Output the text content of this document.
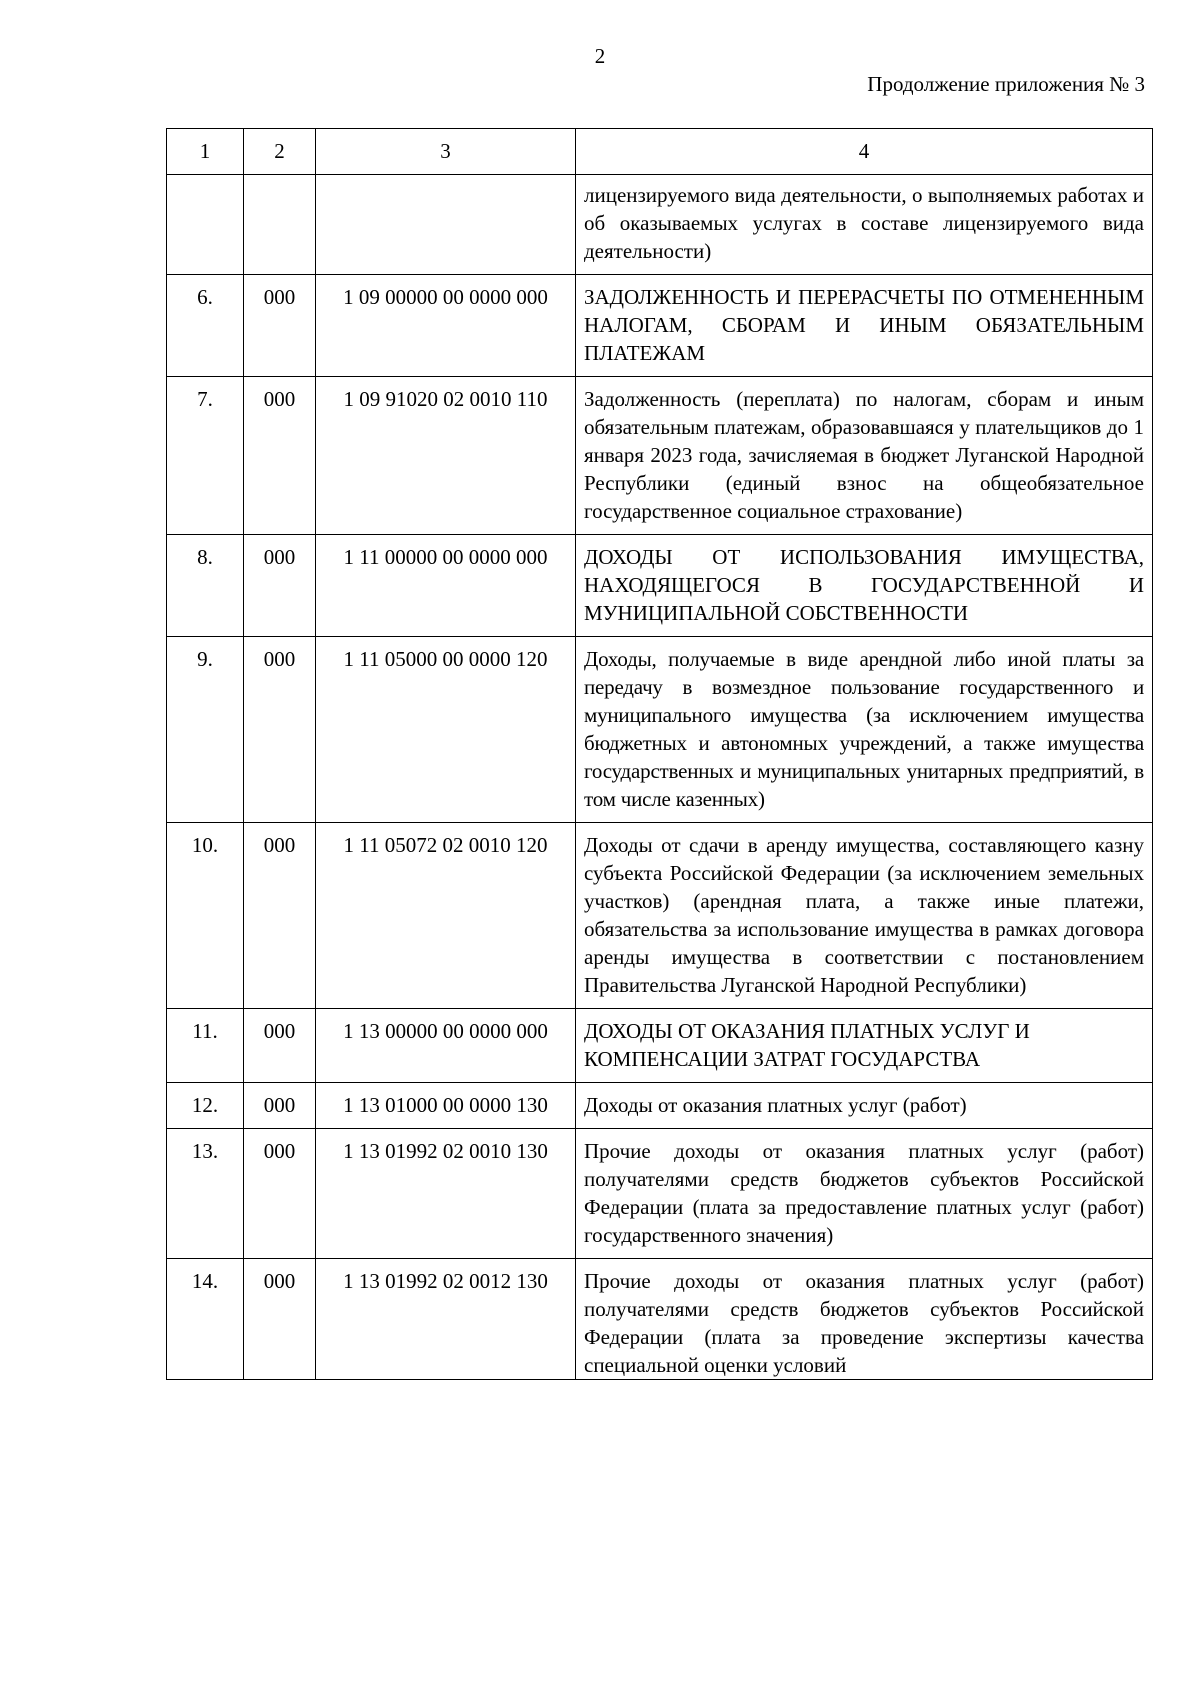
2
Продолжение приложения № 3
1	2	3	4
			лицензируемого вида деятельности, о выполняемых работах и об оказываемых услугах в составе лицензируемого вида деятельности)
6.	000	1 09 00000 00 0000 000	ЗАДОЛЖЕННОСТЬ И ПЕРЕРАСЧЕТЫ ПО ОТМЕНЕННЫМ НАЛОГАМ, СБОРАМ И ИНЫМ ОБЯЗАТЕЛЬНЫМ ПЛАТЕЖАМ
7.	000	1 09 91020 02 0010 110	Задолженность (переплата) по налогам, сборам и иным обязательным платежам, образовавшаяся у плательщиков до 1 января 2023 года, зачисляемая в бюджет Луганской Народной Республики (единый взнос на общеобязательное государственное социальное страхование)
8.	000	1 11 00000 00 0000 000	ДОХОДЫ ОТ ИСПОЛЬЗОВАНИЯ ИМУЩЕСТВА, НАХОДЯЩЕГОСЯ В ГОСУДАРСТВЕННОЙ И МУНИЦИПАЛЬНОЙ СОБСТВЕННОСТИ
9.	000	1 11 05000 00 0000 120	Доходы, получаемые в виде арендной либо иной платы за передачу в возмездное пользование государственного и муниципального имущества (за исключением имущества бюджетных и автономных учреждений, а также имущества государственных и муниципальных унитарных предприятий, в том числе казенных)
10.	000	1 11 05072 02 0010 120	Доходы от сдачи в аренду имущества, составляющего казну субъекта Российской Федерации (за исключением земельных участков) (арендная плата, а также иные платежи, обязательства за использование имущества в рамках договора аренды имущества в соответствии с постановлением Правительства Луганской Народной Республики)
11.	000	1 13 00000 00 0000 000	ДОХОДЫ ОТ ОКАЗАНИЯ ПЛАТНЫХ УСЛУГ И КОМПЕНСАЦИИ ЗАТРАТ ГОСУДАРСТВА
12.	000	1 13 01000 00 0000 130	Доходы от оказания платных услуг (работ)
13.	000	1 13 01992 02 0010 130	Прочие доходы от оказания платных услуг (работ) получателями средств бюджетов субъектов Российской Федерации (плата за предоставление платных услуг (работ) государственного значения)
14.	000	1 13 01992 02 0012 130	Прочие доходы от оказания платных услуг (работ) получателями средств бюджетов субъектов Российской Федерации (плата за проведение экспертизы качества специальной оценки условий
